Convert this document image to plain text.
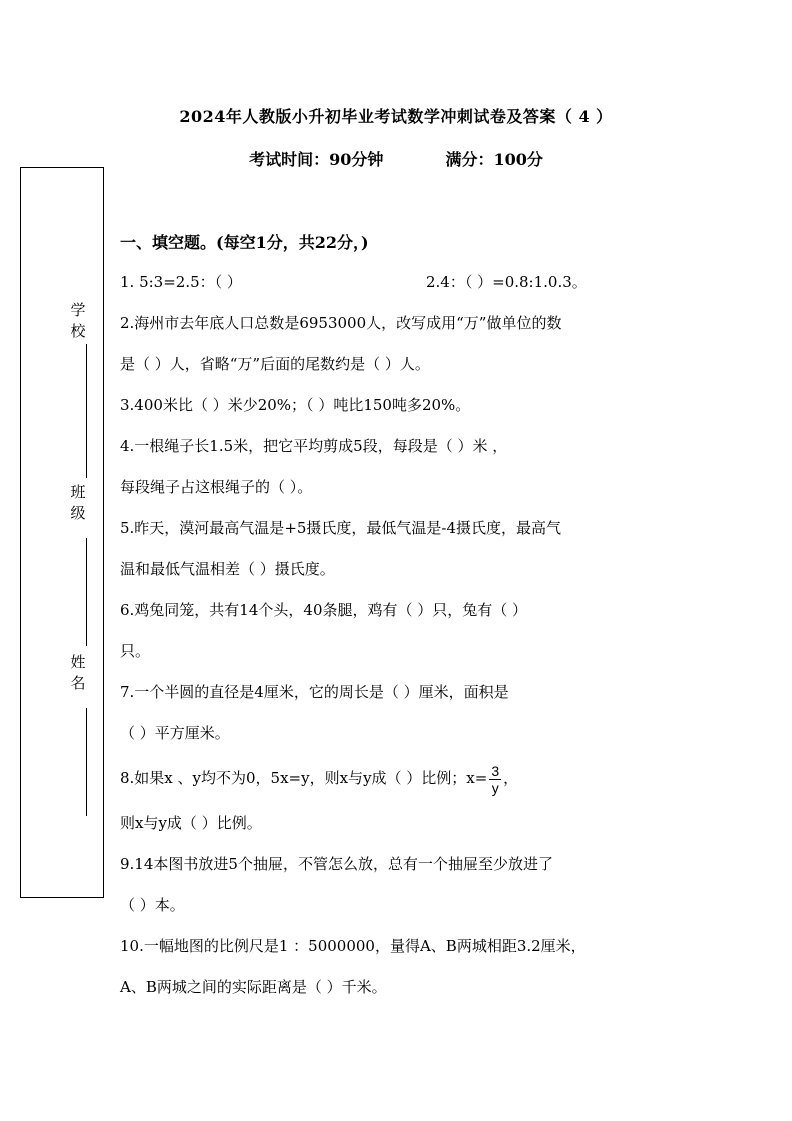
2024年人教版小升初毕业考试数学冲刺试卷及答案（ 4 ）
考试时间：90分钟	满分：100分
学
校
班
级
姓
名
一、填空题。(每空1分，共22分，)
1. 5:3=2.5：（ ）	2.4：（ ）=0.8:1.0.3。
2.海州市去年底人口总数是6953000人，改写成用“万”做单位的数
是（ ）人，省略“万”后面的尾数约是（ ）人。
3.400米比（ ）米少20%；（ ）吨比150吨多20%。
4.一根绳子长1.5米，把它平均剪成5段，每段是（ ）米 ，
每段绳子占这根绳子的（ ）。
5.昨天，漠河最高气温是+5摄氏度，最低气温是-4摄氏度，最高气
温和最低气温相差（ ）摄氏度。
6.鸡兔同笼，共有14个头，40条腿，鸡有（ ）只，兔有（ ）
只。
7.一个半圆的直径是4厘米，它的周长是（ ）厘米，面积是
（ ）平方厘米。
8.如果x 、y均不为0，5x=y，则x与y成（ ）比例；$x= \frac{3}{y}$ ，
则x与y成（ ）比例。
9.14本图书放进5个抽屉，不管怎么放，总有一个抽屉至少放进了
（ ）本。
10.一幅地图的比例尺是1 ：5000000，量得A、B两城相距3.2厘米，
A、B两城之间的实际距离是（ ）千米。
